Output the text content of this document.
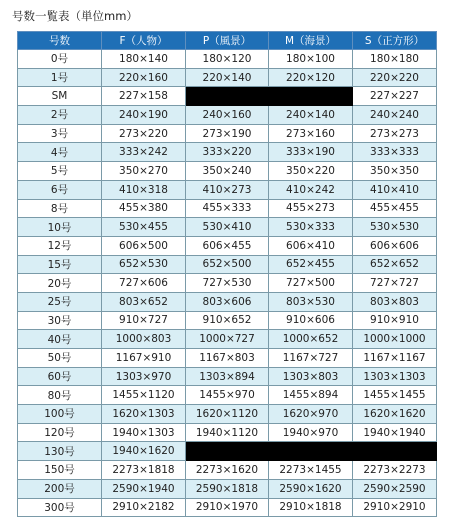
号数一覧表（単位mm）
号数	F（人物）	P（風景）	M（海景）	S（正方形）
0号	180×140	180×120	180×100	180×180
1号	220×160	220×140	220×120	220×220
SM	227×158			227×227
2号	240×190	240×160	240×140	240×240
3号	273×220	273×190	273×160	273×273
4号	333×242	333×220	333×190	333×333
5号	350×270	350×240	350×220	350×350
6号	410×318	410×273	410×242	410×410
8号	455×380	455×333	455×273	455×455
10号	530×455	530×410	530×333	530×530
12号	606×500	606×455	606×410	606×606
15号	652×530	652×500	652×455	652×652
20号	727×606	727×530	727×500	727×727
25号	803×652	803×606	803×530	803×803
30号	910×727	910×652	910×606	910×910
40号	1000×803	1000×727	1000×652	1000×1000
50号	1167×910	1167×803	1167×727	1167×1167
60号	1303×970	1303×894	1303×803	1303×1303
80号	1455×1120	1455×970	1455×894	1455×1455
100号	1620×1303	1620×1120	1620×970	1620×1620
120号	1940×1303	1940×1120	1940×970	1940×1940
130号	1940×1620			
150号	2273×1818	2273×1620	2273×1455	2273×2273
200号	2590×1940	2590×1818	2590×1620	2590×2590
300号	2910×2182	2910×1970	2910×1818	2910×2910
